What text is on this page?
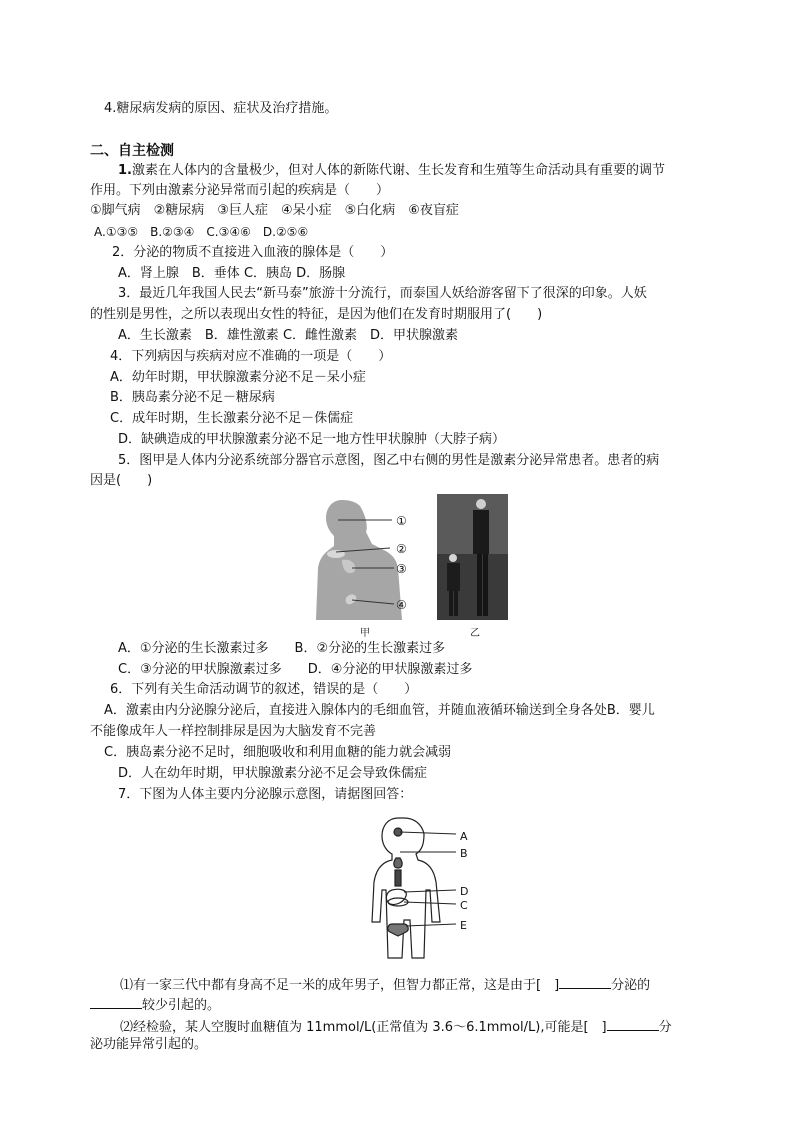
4.糖尿病发病的原因、症状及治疗措施。
二、自主检测
1.激素在人体内的含量极少，但对人体的新陈代谢、生长发育和生殖等生命活动具有重要的调节
作用。下列由激素分泌异常而引起的疾病是（　　）
①脚气病　②糖尿病　③巨人症　④呆小症　⑤白化病　⑥夜盲症
A.①③⑤　B.②③④　C.③④⑥　D.②⑤⑥
2．分泌的物质不直接进入血液的腺体是（　　）
A．肾上腺　B．垂体 C．胰岛 D．肠腺
3．最近几年我国人民去“新马泰”旅游十分流行，而泰国人妖给游客留下了很深的印象。人妖
的性别是男性，之所以表现出女性的特征，是因为他们在发育时期服用了(　　)
A．生长激素　B．雄性激素 C．雌性激素　D．甲状腺激素
4．下列病因与疾病对应不准确的一项是（　　）
A．幼年时期，甲状腺激素分泌不足－呆小症
B．胰岛素分泌不足－糖尿病
C．成年时期，生长激素分泌不足－侏儒症
D．缺碘造成的甲状腺激素分泌不足一地方性甲状腺肿（大脖子病）
5．图甲是人体内分泌系统部分器官示意图，图乙中右侧的男性是激素分泌异常患者。患者的病
因是(　　)
①
②
③
④
甲	乙
A．①分泌的生长激素过多　　B．②分泌的生长激素过多
C．③分泌的甲状腺激素过多　　D．④分泌的甲状腺激素过多
6．下列有关生命活动调节的叙述，错误的是（　　）
A．激素由内分泌腺分泌后，直接进入腺体内的毛细血管，并随血液循环输送到全身各处B．婴儿
不能像成年人一样控制排尿是因为大脑发育不完善
C．胰岛素分泌不足时，细胞吸收和利用血糖的能力就会减弱
D．人在幼年时期，甲状腺激素分泌不足会导致侏儒症
7．下图为人体主要内分泌腺示意图，请据图回答：
A
B
D
C
E
⑴有一家三代中都有身高不足一米的成年男子，但智力都正常，这是由于[　]	分泌的
较少引起的。
⑵经检验，某人空腹时血糖值为 11mmol/L(正常值为 3.6～6.1mmol/L),可能是[　]	分
泌功能异常引起的。
